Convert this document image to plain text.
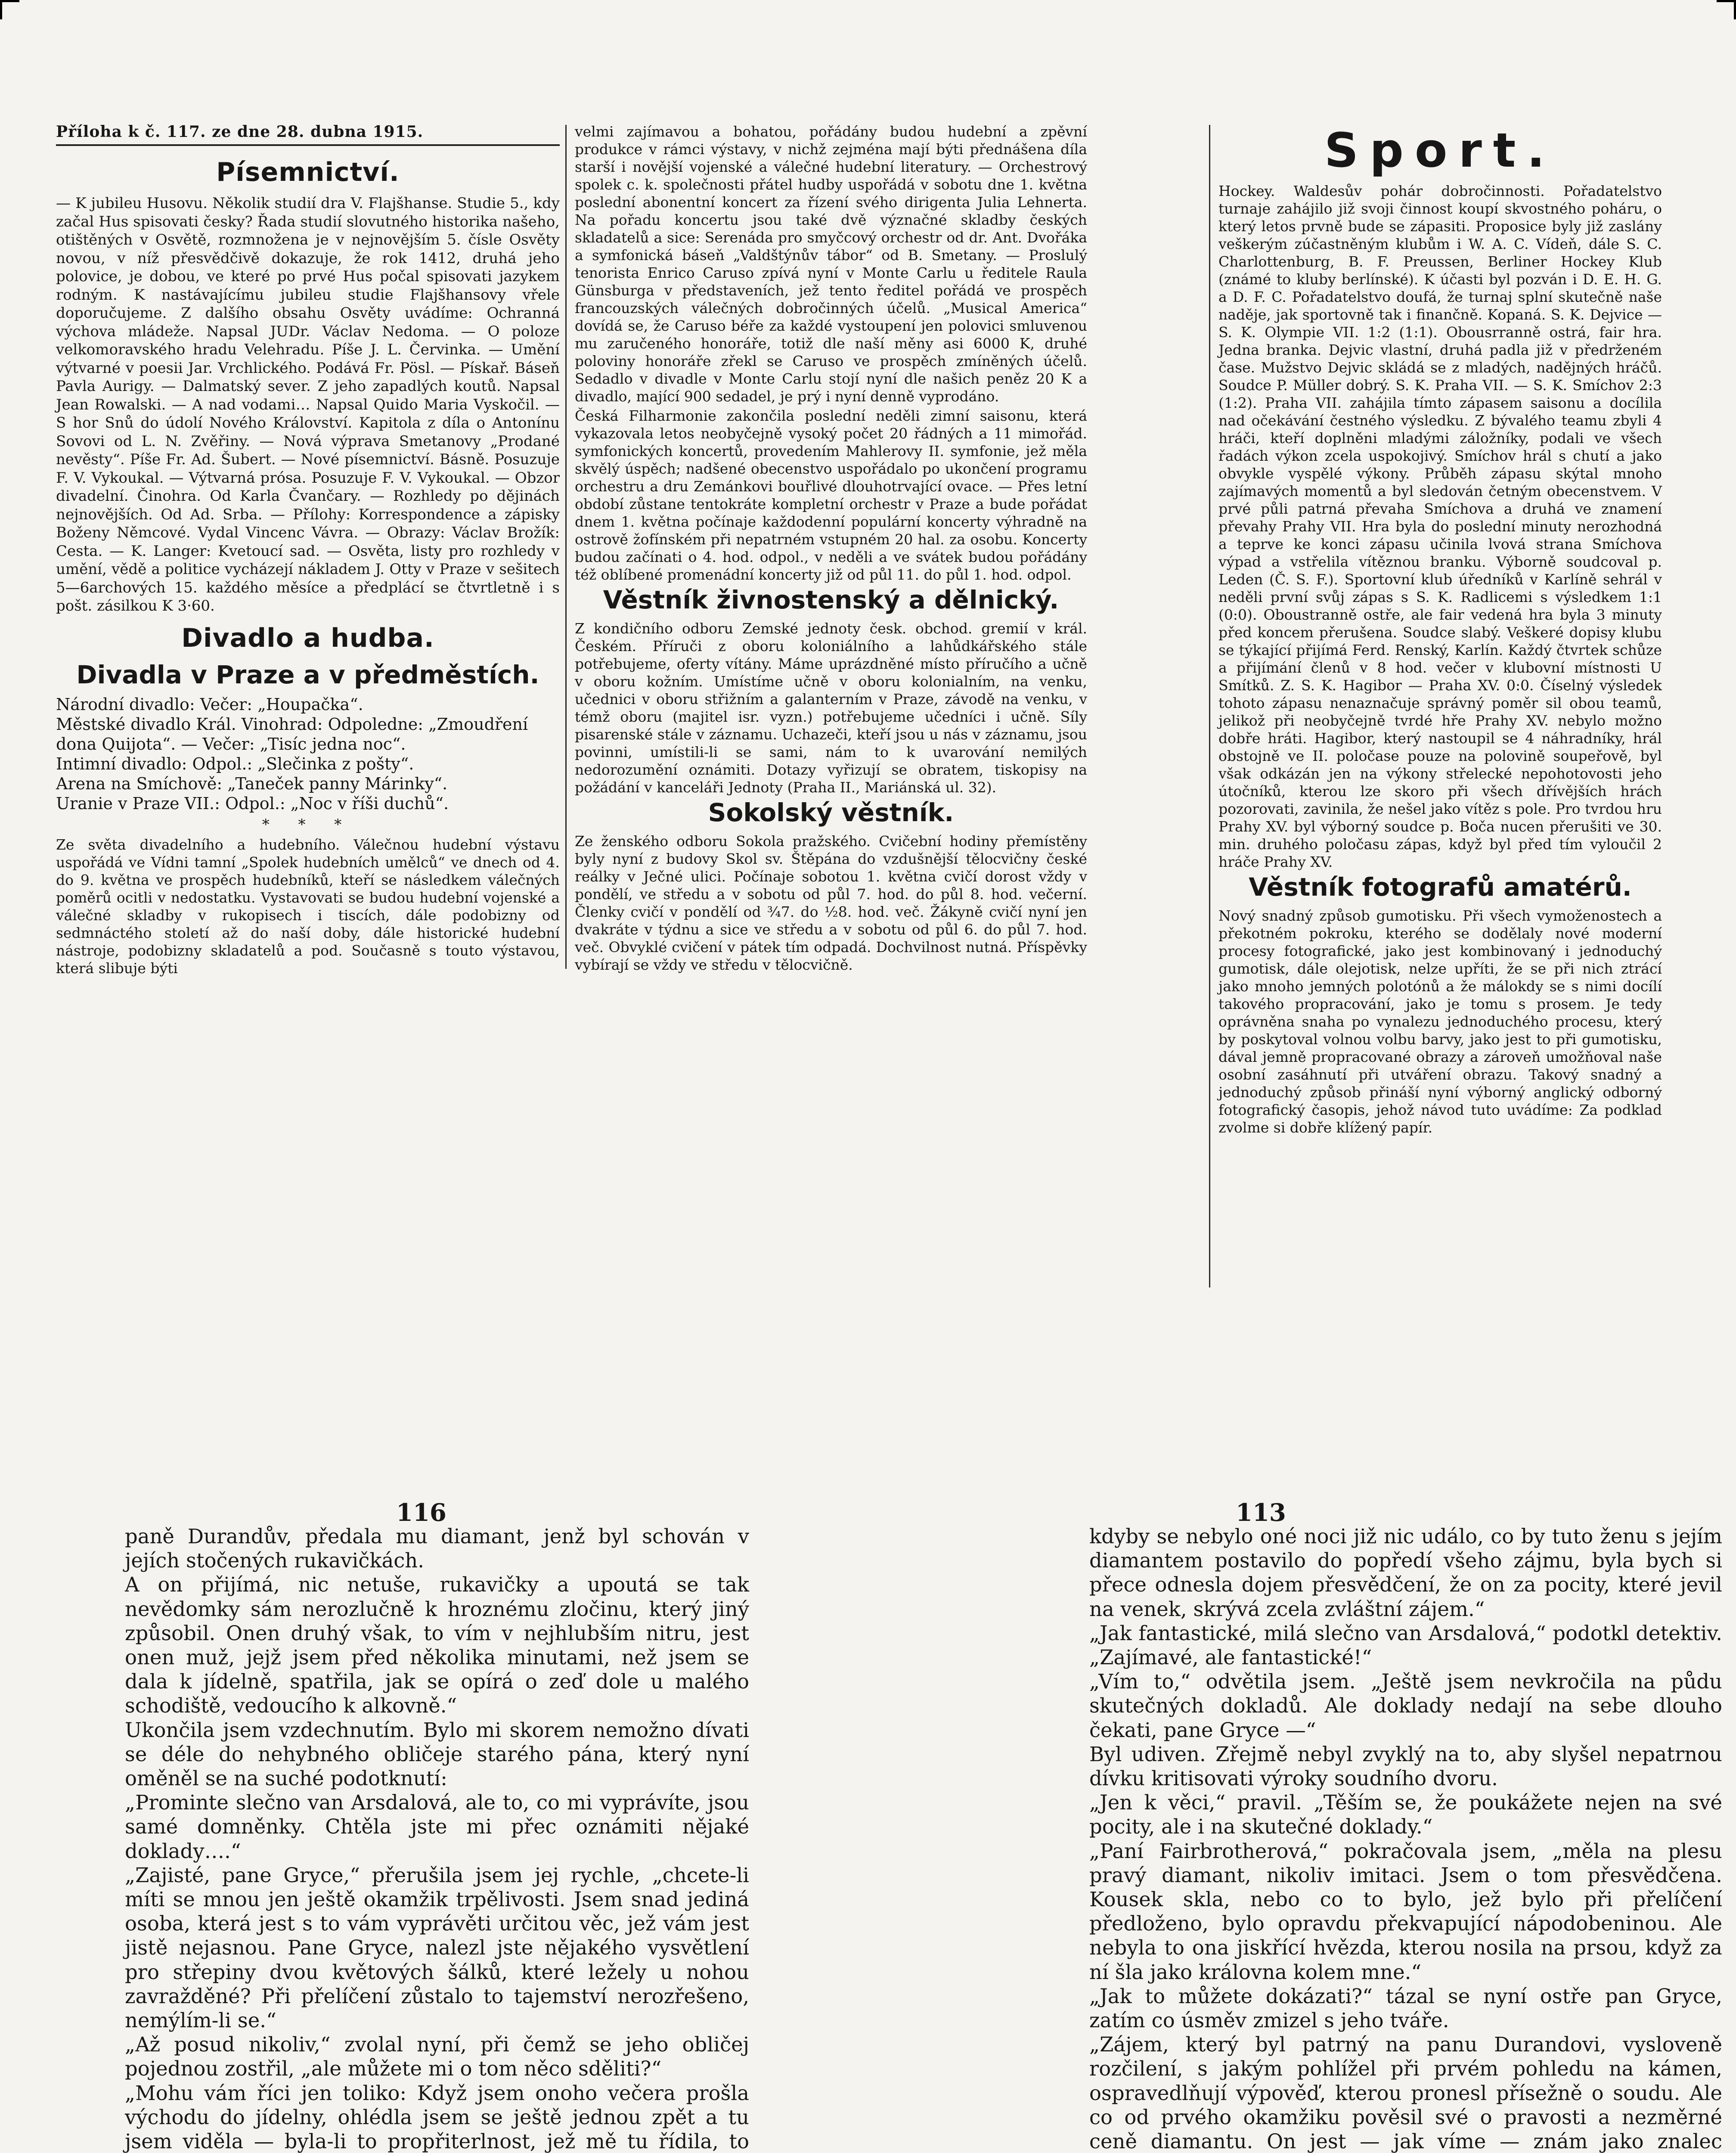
Příloha k č. 117. ze dne 28. dubna 1915.
Písemnictví.

— K jubileu Husovu. Několik studií dra V. Flajšhanse. Studie 5., kdy začal Hus spisovati česky? Řada studií slovutného historika našeho, otištěných v Osvětě, rozmnožena je v nejnovějším 5. čísle Osvěty novou, v níž přesvědčivě dokazuje, že rok 1412, druhá jeho polovice, je dobou, ve které po prvé Hus počal spisovati jazykem rodným. K nastávajícímu jubileu studie Flajšhansovy vřele doporučujeme. Z dalšího obsahu Osvěty uvádíme: Ochranná výchova mládeže. Napsal JUDr. Václav Nedoma. — O poloze velkomoravského hradu Velehradu. Píše J. L. Červinka. — Umění výtvarné v poesii Jar. Vrchlického. Podává Fr. Pösl. — Pískař. Báseň Pavla Aurigy. — Dalmatský sever. Z jeho zapadlých koutů. Napsal Jean Rowalski. — A nad vodami… Napsal Quido Maria Vyskočil. — S hor Snů do údolí Nového Království. Kapitola z díla o Antonínu Sovovi od L. N. Zvěřiny. — Nová výprava Smetanovy „Prodané nevěsty“. Píše Fr. Ad. Šubert. — Nové písemnictví. Básně. Posuzuje F. V. Vykoukal. — Výtvarná prósa. Posuzuje F. V. Vykoukal. — Obzor divadelní. Činohra. Od Karla Čvančary. — Rozhledy po dějinách nejnovějších. Od Ad. Srba. — Přílohy: Korrespondence a zápisky Boženy Němcové. Vydal Vincenc Vávra. — Obrazy: Václav Brožík: Cesta. — K. Langer: Kvetoucí sad. — Osvěta, listy pro rozhledy v umění, vědě a politice vycházejí nákladem J. Otty v Praze v sešitech 5—6archových 15. každého měsíce a předplácí se čtvrtletně i s pošt. zásilkou K 3·60.

Divadlo a hudba.
Divadla v Praze a v předměstích.

Národní divadlo: Večer: „Houpačka“.

Městské divadlo Král. Vinohrad: Odpoledne: „Zmoudření dona Quijota“. — Večer: „Tisíc jedna noc“.

Intimní divadlo: Odpol.: „Slečinka z pošty“.

Arena na Smíchově: „Taneček panny Márinky“.

Uranie v Praze VII.: Odpol.: „Noc v říši duchů“.

* * *

Ze světa divadelního a hudebního. Válečnou hudební výstavu uspořádá ve Vídni tamní „Spolek hudebních umělců“ ve dnech od 4. do 9. května ve prospěch hudebníků, kteří se následkem válečných poměrů ocitli v nedostatku. Vystavovati se budou hudební vojenské a válečné skladby v rukopisech i tiscích, dále podobizny od sedmnáctého století až do naší doby, dále historické hudební nástroje, podobizny skladatelů a pod. Současně s touto výstavou, která slibuje býti

velmi zajímavou a bohatou, pořádány budou hudební a zpěvní produkce v rámci výstavy, v nichž zejména mají býti přednášena díla starší i novější vojenské a válečné hudební literatury. — Orchestrový spolek c. k. společnosti přátel hudby uspořádá v sobotu dne 1. května poslední abonentní koncert za řízení svého dirigenta Julia Lehnerta. Na pořadu koncertu jsou také dvě význačné skladby českých skladatelů a sice: Serenáda pro smyčcový orchestr od dr. Ant. Dvořáka a symfonická báseň „Valdštýnův tábor“ od B. Smetany. — Proslulý tenorista Enrico Caruso zpívá nyní v Monte Carlu u ředitele Raula Günsburga v představeních, jež tento ředitel pořádá ve prospěch francouzských válečných dobročinných účelů. „Musical America“ dovídá se, že Caruso béře za každé vystoupení jen polovici smluvenou mu zaručeného honoráře, totiž dle naší měny asi 6000 K, druhé poloviny honoráře zřekl se Caruso ve prospěch zmíněných účelů. Sedadlo v divadle v Monte Carlu stojí nyní dle našich peněz 20 K a divadlo, mající 900 sedadel, je prý i nyní denně vyprodáno.

Česká Filharmonie zakončila poslední neděli zimní saisonu, která vykazovala letos neobyčejně vysoký počet 20 řádných a 11 mimořád. symfonických koncertů, provedením Mahlerovy II. symfonie, jež měla skvělý úspěch; nadšené obecenstvo uspořádalo po ukončení programu orchestru a dru Zemánkovi bouřlivé dlouhotrvající ovace. — Přes letní období zůstane tentokráte kompletní orchestr v Praze a bude pořádat dnem 1. května počínaje každodenní populární koncerty výhradně na ostrově žofínském při nepatrném vstupném 20 hal. za osobu. Koncerty budou začínati o 4. hod. odpol., v neděli a ve svátek budou pořádány též oblíbené promenádní koncerty již od půl 11. do půl 1. hod. odpol.

Věstník živnostenský a dělnický.

Z kondičního odboru Zemské jednoty česk. obchod. gremií v král. Českém. Příruči z oboru koloniálního a lahůdkářského stále potřebujeme, oferty vítány. Máme uprázdněné místo příručího a učně v oboru kožním. Umístíme učně v oboru kolonialním, na venku, učednici v oboru střižním a galanterním v Praze, závodě na venku, v témž oboru (majitel isr. vyzn.) potřebujeme učedníci i učně. Síly pisarenské stále v záznamu. Uchazeči, kteří jsou u nás v záznamu, jsou povinni, umístili-li se sami, nám to k uvarování nemilých nedorozumění oznámiti. Dotazy vyřizují se obratem, tiskopisy na požádání v kanceláři Jednoty (Praha II., Mariánská ul. 32).

Sokolský věstník.

Ze ženského odboru Sokola pražského. Cvičební hodiny přemístěny byly nyní z budovy Skol sv. Štěpána do vzdušnější tělocvičny české reálky v Ječné ulici. Počínaje sobotou 1. května cvičí dorost vždy v pondělí, ve středu a v sobotu od půl 7. hod. do půl 8. hod. večerní. Členky cvičí v pondělí od ¾7. do ½8. hod. več. Žákyně cvičí nyní jen dvakráte v týdnu a sice ve středu a v sobotu od půl 6. do půl 7. hod. več. Obvyklé cvičení v pátek tím odpadá. Dochvilnost nutná. Příspěvky vybírají se vždy ve středu v tělocvičně.

Sport.

Hockey. Waldesův pohár dobročinnosti. Pořadatelstvo turnaje zahájilo již svoji činnost koupí skvostného poháru, o který letos prvně bude se zápasiti. Proposice byly již zaslány veškerým zúčastněným klubům i W. A. C. Vídeň, dále S. C. Charlottenburg, B. F. Preussen, Berliner Hockey Klub (známé to kluby berlínské). K účasti byl pozván i D. E. H. G. a D. F. C. Pořadatelstvo doufá, že turnaj splní skutečně naše naděje, jak sportovně tak i finančně. Kopaná. S. K. Dejvice — S. K. Olympie VII. 1:2 (1:1). Obousrranně ostrá, fair hra. Jedna branka. Dejvic vlastní, druhá padla již v předrženém čase. Mužstvo Dejvic skládá se z mladých, nadějných hráčů. Soudce P. Müller dobrý. S. K. Praha VII. — S. K. Smíchov 2:3 (1:2). Praha VII. zahájila tímto zápasem saisonu a docílila nad očekávání čestného výsledku. Z bývalého teamu zbyli 4 hráči, kteří doplněni mladými záložníky, podali ve všech řadách výkon zcela uspokojivý. Smíchov hrál s chutí a jako obvykle vyspělé výkony. Průběh zápasu skýtal mnoho zajímavých momentů a byl sledován četným obecenstvem. V prvé půli patrná převaha Smíchova a druhá ve znamení převahy Prahy VII. Hra byla do poslední minuty nerozhodná a teprve ke konci zápasu učinila lvová strana Smíchova výpad a vstřelila vítěznou branku. Výborně soudcoval p. Leden (Č. S. F.). Sportovní klub úředníků v Karlíně sehrál v neděli první svůj zápas s S. K. Radlicemi s výsledkem 1:1 (0:0). Oboustranně ostře, ale fair vedená hra byla 3 minuty před koncem přerušena. Soudce slabý. Veškeré dopisy klubu se týkající přijímá Ferd. Renský, Karlín. Každý čtvrtek schůze a přijímání členů v 8 hod. večer v klubovní místnosti U Smítků. Z. S. K. Hagibor — Praha XV. 0:0. Číselný výsledek tohoto zápasu nenaznačuje správný poměr sil obou teamů, jelikož při neobyčejně tvrdé hře Prahy XV. nebylo možno dobře hráti. Hagibor, který nastoupil se 4 náhradníky, hrál obstojně ve II. poločase pouze na polovině soupeřově, byl však odkázán jen na výkony střelecké nepohotovosti jeho útočníků, kterou lze skoro při všech dřívějších hrách pozorovati, zavinila, že nešel jako vítěz s pole. Pro tvrdou hru Prahy XV. byl výborný soudce p. Boča nucen přerušiti ve 30. min. druhého poločasu zápas, když byl před tím vyloučil 2 hráče Prahy XV.

Věstník fotografů amatérů.

Nový snadný způsob gumotisku. Při všech vymoženostech a překotném pokroku, kterého se dodělaly nové moderní procesy fotografické, jako jest kombinovaný i jednoduchý gumotisk, dále olejotisk, nelze upříti, že se při nich ztrácí jako mnoho jemných polotónů a že málokdy se s nimi docílí takového propracování, jako je tomu s prosem. Je tedy oprávněna snaha po vynalezu jednoduchého procesu, který by poskytoval volnou volbu barvy, jako jest to při gumotisku, dával jemně propracované obrazy a zároveň umožňoval naše osobní zasáhnutí při utváření obrazu. Takový snadný a jednoduchý způsob přináší nyní výborný anglický odborný fotografický časopis, jehož návod tuto uvádíme: Za podklad zvolme si dobře klížený papír.

116	113

paně Durandův, předala mu diamant, jenž byl schován v jejích stočených rukavičkách.

A on přijímá, nic netuše, rukavičky a upoutá se tak nevědomky sám nerozlučně k hroznému zločinu, který jiný způsobil. Onen druhý však, to vím v nejhlubším nitru, jest onen muž, jejž jsem před několika minutami, než jsem se dala k jídelně, spatřila, jak se opírá o zeď dole u malého schodiště, vedoucího k alkovně.“

Ukončila jsem vzdechnutím. Bylo mi skorem nemožno dívati se déle do nehybného obličeje starého pána, který nyní oměněl se na suché podotknutí:

„Prominte slečno van Arsdalová, ale to, co mi vyprávíte, jsou samé domněnky. Chtěla jste mi přec oznámiti nějaké doklady….“

„Zajisté, pane Gryce,“ přerušila jsem jej rychle, „chcete-li míti se mnou jen ještě okamžik trpělivosti. Jsem snad jediná osoba, která jest s to vám vyprávěti určitou věc, jež vám jest jistě nejasnou. Pane Gryce, nalezl jste nějakého vysvětlení pro střepiny dvou květových šálků, které ležely u nohou zavražděné? Při přelíčení zůstalo to tajemství nerozřešeno, nemýlím-li se.“

„Až posud nikoliv,“ zvolal nyní, při čemž se jeho obličej pojednou zostřil, „ale můžete mi o tom něco sděliti?“

„Mohu vám říci jen toliko: Když jsem onoho večera prošla východu do jídelny, ohlédla jsem se ještě jednou zpět a tu jsem viděla — byla-li to propřiterlnost, jež mě tu řídila, to

kdyby se nebylo oné noci již nic událo, co by tuto ženu s jejím diamantem postavilo do popředí všeho zájmu, byla bych si přece odnesla dojem přesvědčení, že on za pocity, které jevil na venek, skrývá zcela zvláštní zájem.“

„Jak fantastické, milá slečno van Arsdalová,“ podotkl detektiv. „Zajímavé, ale fantastické!“

„Vím to,“ odvětila jsem. „Ještě jsem nevkročila na půdu skutečných dokladů. Ale doklady nedají na sebe dlouho čekati, pane Gryce —“

Byl udiven. Zřejmě nebyl zvyklý na to, aby slyšel nepatrnou dívku kritisovati výroky soudního dvoru.

„Jen k věci,“ pravil. „Těším se, že poukážete nejen na své pocity, ale i na skutečné doklady.“

„Paní Fairbrotherová,“ pokračovala jsem, „měla na plesu pravý diamant, nikoliv imitaci. Jsem o tom přesvědčena. Kousek skla, nebo co to bylo, jež bylo při přelíčení předloženo, bylo opravdu překvapující nápodobeninou. Ale nebyla to ona jiskřící hvězda, kterou nosila na prsou, když za ní šla jako královna kolem mne.“

„Jak to můžete dokázati?“ tázal se nyní ostře pan Gryce, zatím co úsměv zmizel s jeho tváře.

„Zájem, který byl patrný na panu Durandovi, vysloveně rozčilení, s jakým pohlížel při prvém pohledu na kámen, ospravedlňují výpověď, kterou pronesl přísežně o soudu. Ale co od prvého okamžiku pověsil své o pravosti a nezměrné ceně diamantu. On jest — jak víme — znám jako znalec
